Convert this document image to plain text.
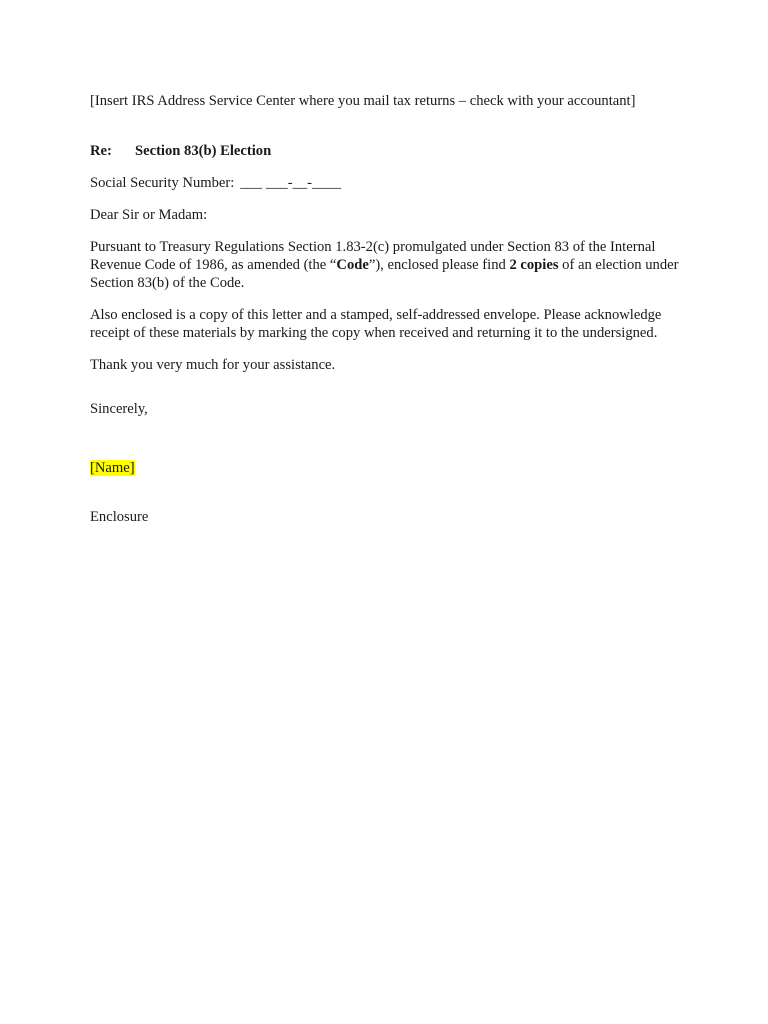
[Insert IRS Address Service Center where you mail tax returns – check with your accountant]

Re:	Section 83(b) Election
Social Security Number: ___ ___-__-____
Dear Sir or Madam:

Pursuant to Treasury Regulations Section 1.83-2(c) promulgated under Section 83 of the Internal Revenue Code of 1986, as amended (the “Code”), enclosed please find 2 copies of an election under Section 83(b) of the Code.

Also enclosed is a copy of this letter and a stamped, self-addressed envelope. Please acknowledge receipt of these materials by marking the copy when received and returning it to the undersigned.

Thank you very much for your assistance.
Sincerely,
[Name]
Enclosure
